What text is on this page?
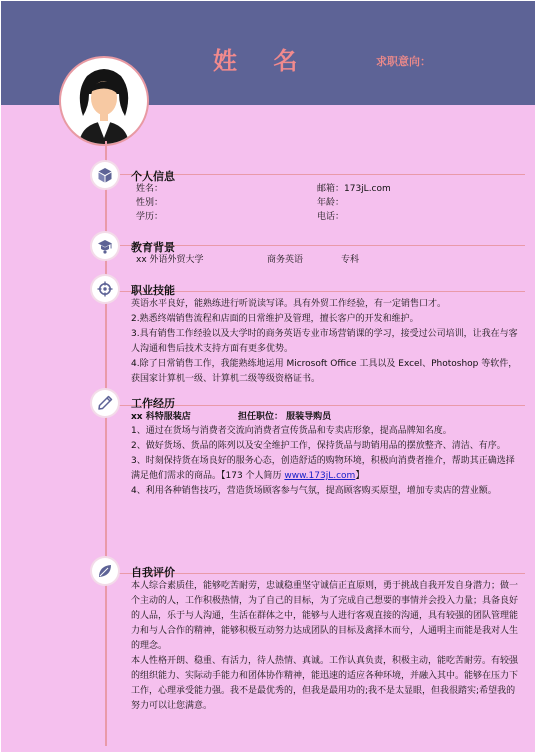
姓 名	求职意向：
个人信息
姓名：	邮箱：173jL.com
性别：	年龄：
学历：	电话：
教育背景
xx 外语外贸大学	商务英语	专科
职业技能

英语水平良好，能熟练进行听说读写译。具有外贸工作经验，有一定销售口才。

2.熟悉终端销售流程和店面的日常维护及管理，擅长客户的开发和维护。

3.具有销售工作经验以及大学时的商务英语专业市场营销课的学习，接受过公司培训，让我在与客人沟通和售后技术支持方面有更多优势。

4.除了日常销售工作，我能熟练地运用 Microsoft Office 工具以及 Excel、Photoshop 等软件，获国家计算机一级、计算机二级等级资格证书。

工作经历
xx 科特服装店	担任职位： 服装导购员

1、通过在货场与消费者交流向消费者宣传货品和专卖店形象，提高品牌知名度。

2、做好货场、货品的陈列以及安全维护工作，保持货品与助销用品的摆放整齐、清洁、有序。

3、时刻保持货在场良好的服务心态，创造舒适的购物环境，积极向消费者推介，帮助其正确选择满足他们需求的商品。【173 个人简历 www.173jL.com】

4、利用各种销售技巧，营造货场顾客参与气氛，提高顾客购买原望，增加专卖店的营业额。

自我评价

本人综合素质佳，能够吃苦耐劳，忠诚稳重坚守诚信正直原则，勇于挑战自我开发自身潜力；做一个主动的人，工作积极热情，为了自己的目标，为了完成自己想要的事情并会投入力量；具备良好的人品，乐于与人沟通，生活在群体之中，能够与人进行客观直接的沟通，具有较强的团队管理能力和与人合作的精神，能够积极互动努力达成团队的目标及禽择木而兮，人通明主而能是我对人生的理念。

本人性格开朗、稳重、有活力，待人热情、真诚。工作认真负责，积极主动，能吃苦耐劳。有较强的组织能力、实际动手能力和团体协作精神，能迅速的适应各种环境，并融入其中。能够在压力下工作，心理承受能力强。我不是最优秀的，但我是最用功的;我不是太显眼，但我很踏实;希望我的努力可以让您满意。
